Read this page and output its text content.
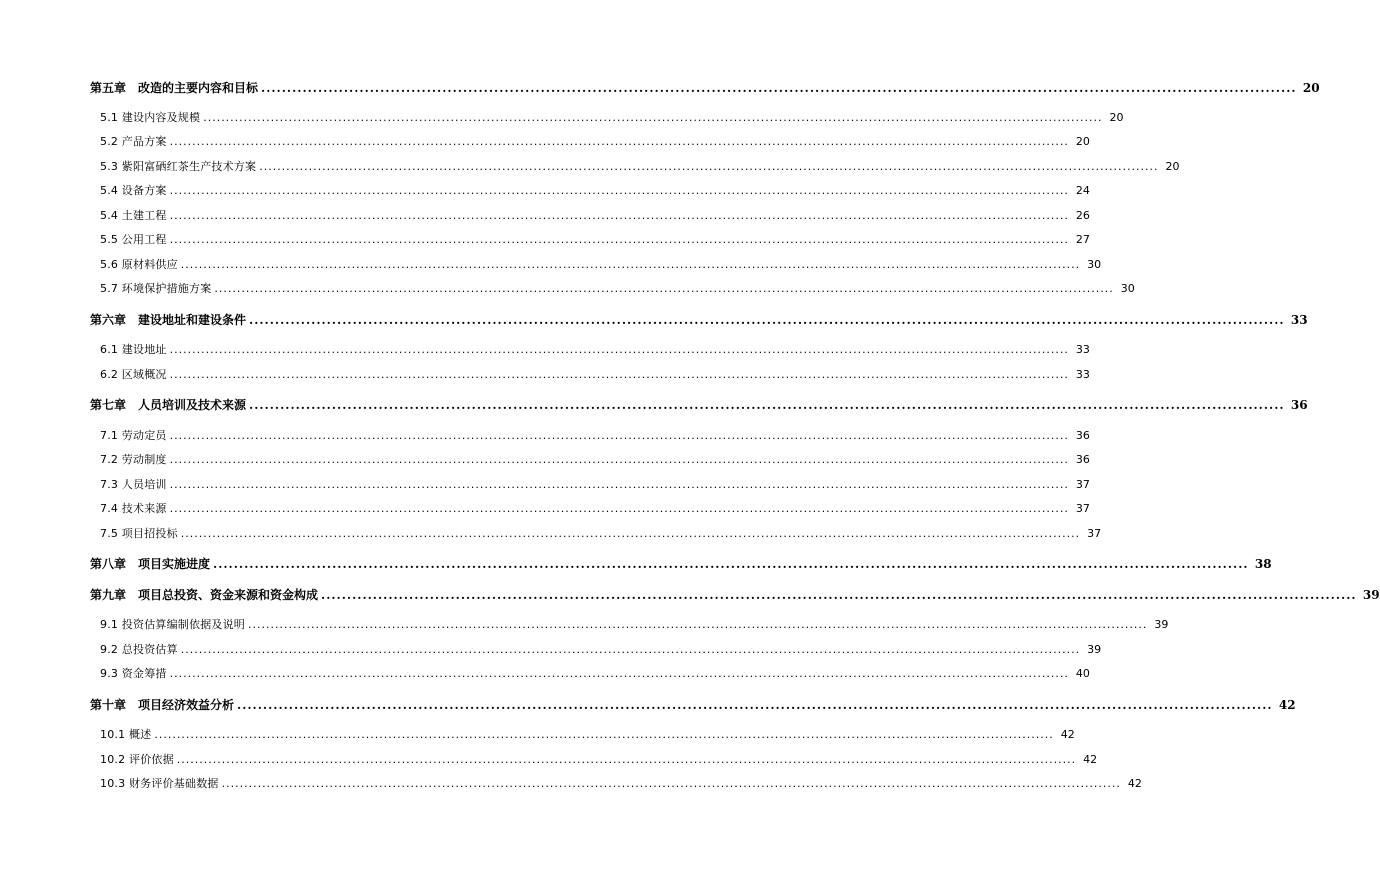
第五章　改造的主要内容和目标 ........................................................................................................................................................................................................ 20
5.1 建设内容及规模 ........................................................................................................................................................................................................ 20
5.2 产品方案 ........................................................................................................................................................................................................ 20
5.3 紫阳富硒红茶生产技术方案 ........................................................................................................................................................................................................ 20
5.4 设备方案 ........................................................................................................................................................................................................ 24
5.4 土建工程 ........................................................................................................................................................................................................ 26
5.5 公用工程 ........................................................................................................................................................................................................ 27
5.6 原材料供应 ........................................................................................................................................................................................................ 30
5.7 环境保护措施方案 ........................................................................................................................................................................................................ 30
第六章　建设地址和建设条件 ........................................................................................................................................................................................................ 33
6.1 建设地址 ........................................................................................................................................................................................................ 33
6.2 区域概况 ........................................................................................................................................................................................................ 33
第七章　人员培训及技术来源 ........................................................................................................................................................................................................ 36
7.1 劳动定员 ........................................................................................................................................................................................................ 36
7.2 劳动制度 ........................................................................................................................................................................................................ 36
7.3 人员培训 ........................................................................................................................................................................................................ 37
7.4 技术来源 ........................................................................................................................................................................................................ 37
7.5 项目招投标 ........................................................................................................................................................................................................ 37
第八章　项目实施进度 ........................................................................................................................................................................................................ 38
第九章　项目总投资、资金来源和资金构成 ........................................................................................................................................................................................................ 39
9.1 投资估算编制依据及说明 ........................................................................................................................................................................................................ 39
9.2 总投资估算 ........................................................................................................................................................................................................ 39
9.3 资金筹措 ........................................................................................................................................................................................................ 40
第十章　项目经济效益分析 ........................................................................................................................................................................................................ 42
10.1 概述 ........................................................................................................................................................................................................ 42
10.2 评价依据 ........................................................................................................................................................................................................ 42
10.3 财务评价基础数据 ........................................................................................................................................................................................................ 42
